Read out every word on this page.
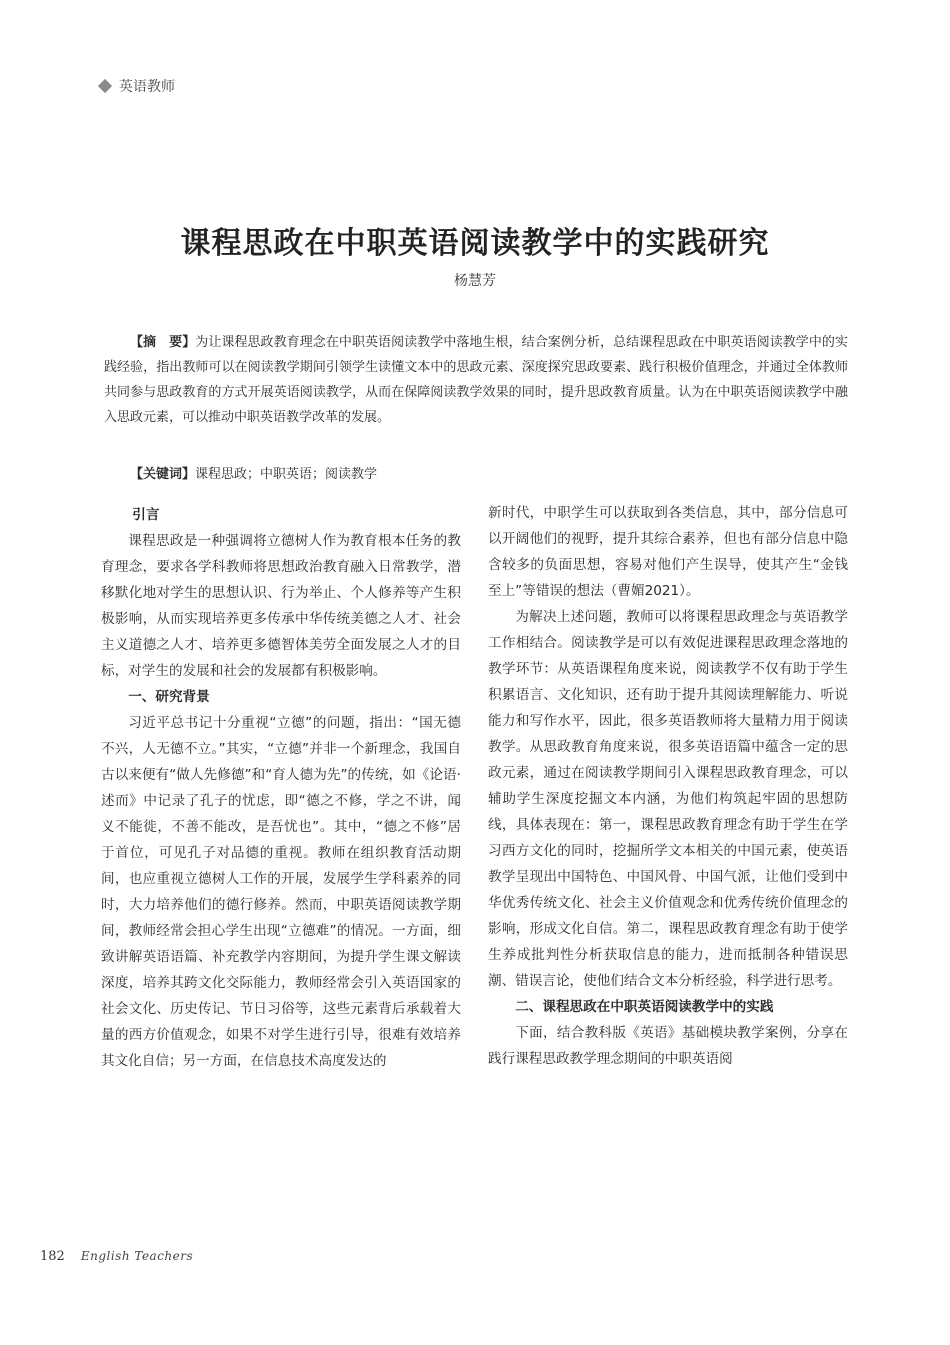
英语教师
课程思政在中职英语阅读教学中的实践研究
杨慧芳

【摘　要】为让课程思政教育理念在中职英语阅读教学中落地生根，结合案例分析，总结课程思政在中职英语阅读教学中的实践经验，指出教师可以在阅读教学期间引领学生读懂文本中的思政元素、深度探究思政要素、践行积极价值理念，并通过全体教师共同参与思政教育的方式开展英语阅读教学，从而在保障阅读教学效果的同时，提升思政教育质量。认为在中职英语阅读教学中融入思政元素，可以推动中职英语教学改革的发展。

【关键词】课程思政；中职英语；阅读教学

引言

课程思政是一种强调将立德树人作为教育根本任务的教育理念，要求各学科教师将思想政治教育融入日常教学，潜移默化地对学生的思想认识、行为举止、个人修养等产生积极影响，从而实现培养更多传承中华传统美德之人才、社会主义道德之人才、培养更多德智体美劳全面发展之人才的目标，对学生的发展和社会的发展都有积极影响。

一、研究背景

习近平总书记十分重视“立德”的问题，指出：“国无德不兴，人无德不立。”其实，“立德”并非一个新理念，我国自古以来便有“做人先修德”和“育人德为先”的传统，如《论语·述而》中记录了孔子的忧虑，即“德之不修，学之不讲，闻义不能徙，不善不能改，是吾忧也”。其中，“德之不修”居于首位，可见孔子对品德的重视。教师在组织教育活动期间，也应重视立德树人工作的开展，发展学生学科素养的同时，大力培养他们的德行修养。然而，中职英语阅读教学期间，教师经常会担心学生出现“立德难”的情况。一方面，细致讲解英语语篇、补充教学内容期间，为提升学生课文解读深度，培养其跨文化交际能力，教师经常会引入英语国家的社会文化、历史传记、节日习俗等，这些元素背后承载着大量的西方价值观念，如果不对学生进行引导，很难有效培养其文化自信；另一方面，在信息技术高度发达的

新时代，中职学生可以获取到各类信息，其中，部分信息可以开阔他们的视野，提升其综合素养，但也有部分信息中隐含较多的负面思想，容易对他们产生误导，使其产生“金钱至上”等错误的想法（曹媚2021）。

为解决上述问题，教师可以将课程思政理念与英语教学工作相结合。阅读教学是可以有效促进课程思政理念落地的教学环节：从英语课程角度来说，阅读教学不仅有助于学生积累语言、文化知识，还有助于提升其阅读理解能力、听说能力和写作水平，因此，很多英语教师将大量精力用于阅读教学。从思政教育角度来说，很多英语语篇中蕴含一定的思政元素，通过在阅读教学期间引入课程思政教育理念，可以辅助学生深度挖掘文本内涵，为他们构筑起牢固的思想防线，具体表现在：第一，课程思政教育理念有助于学生在学习西方文化的同时，挖掘所学文本相关的中国元素，使英语教学呈现出中国特色、中国风骨、中国气派，让他们受到中华优秀传统文化、社会主义价值观念和优秀传统价值理念的影响，形成文化自信。第二，课程思政教育理念有助于使学生养成批判性分析获取信息的能力，进而抵制各种错误思潮、错误言论，使他们结合文本分析经验，科学进行思考。

二、课程思政在中职英语阅读教学中的实践

下面，结合教科版《英语》基础模块教学案例，分享在践行课程思政教学理念期间的中职英语阅

182 English Teachers
